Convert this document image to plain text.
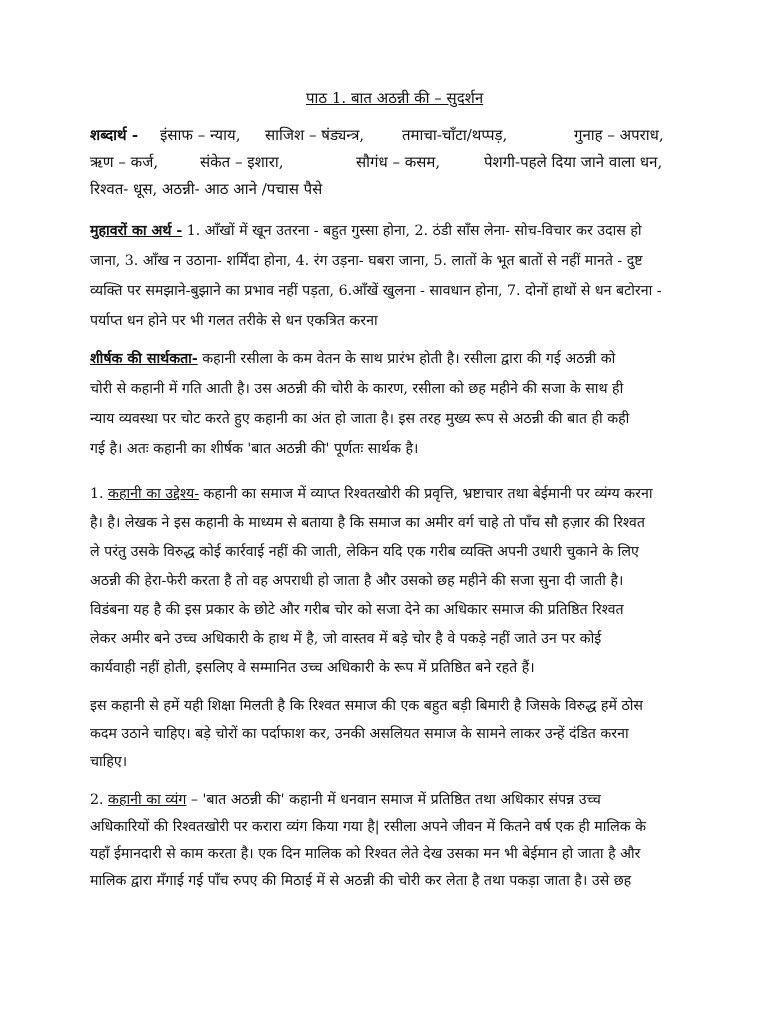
पाठ 1. बात अठन्नी की – सुदर्शन
शब्दार्थ - इंसाफ – न्याय, साजिश – षंड्यन्त्र,	तमाचा-चाँटा/थप्पड़,	गुनाह – अपराध,
ऋण – कर्ज,	संकेत – इशारा,	सौगंध – कसम,	पेशगी-पहले दिया जाने वाला धन,
रिश्वत- धूस, अठन्नी- आठ आने /पचास पैसे
मुहावरों का अर्थ - 1. आँखों में खून उतरना - बहुत गुस्सा होना, 2. ठंडी साँस लेना- सोच-विचार कर उदास हो
जाना, 3. आँख न उठाना- शर्मिंदा होना, 4. रंग उड़ना- घबरा जाना, 5. लातों के भूत बातों से नहीं मानते - दुष्ट
व्यक्ति पर समझाने-बुझाने का प्रभाव नहीं पड़ता, 6.आँखें खुलना - सावधान होना, 7. दोनों हाथों से धन बटोरना -
पर्याप्त धन होने पर भी गलत तरीके से धन एकत्रित करना
शीर्षक की सार्थकता- कहानी रसीला के कम वेतन के साथ प्रारंभ होती है। रसीला द्वारा की गई अठन्नी को
चोरी से कहानी में गति आती है। उस अठन्नी की चोरी के कारण, रसीला को छह महीने की सजा के साथ ही
न्याय व्यवस्था पर चोट करते हुए कहानी का अंत हो जाता है। इस तरह मुख्य रूप से अठन्नी की बात ही कही
गई है। अतः कहानी का शीर्षक 'बात अठन्नी की' पूर्णतः सार्थक है।
1. कहानी का उद्देश्य- कहानी का समाज में व्याप्त रिश्वतखोरी की प्रवृत्ति, भ्रष्टाचार तथा बेईमानी पर व्यंग्य करना
है। है। लेखक ने इस कहानी के माध्यम से बताया है कि समाज का अमीर वर्ग चाहे तो पाँच सौ हज़ार की रिश्वत
ले परंतु उसके विरुद्ध कोई कार्रवाई नहीं की जाती, लेकिन यदि एक गरीब व्यक्ति अपनी उधारी चुकाने के लिए
अठन्नी की हेरा-फेरी करता है तो वह अपराधी हो जाता है और उसको छह महीने की सजा सुना दी जाती है।
विडंबना यह है की इस प्रकार के छोटे और गरीब चोर को सजा देने का अधिकार समाज की प्रतिष्ठित रिश्वत
लेकर अमीर बने उच्च अधिकारी के हाथ में है, जो वास्तव में बड़े चोर है वे पकड़े नहीं जाते उन पर कोई
कार्यवाही नहीं होती, इसलिए वे सम्मानित उच्च अधिकारी के रूप में प्रतिष्ठित बने रहते हैं।
इस कहानी से हमें यही शिक्षा मिलती है कि रिश्वत समाज की एक बहुत बड़ी बिमारी है जिसके विरुद्ध हमें ठोस
कदम उठाने चाहिए। बड़े चोरों का पर्दाफाश कर, उनकी असलियत समाज के सामने लाकर उन्हें दंडित करना
चाहिए।
2. कहानी का व्यंग – 'बात अठन्नी की' कहानी में धनवान समाज में प्रतिष्ठित तथा अधिकार संपन्न उच्च
अधिकारियों की रिश्वतखोरी पर करारा व्यंग किया गया है| रसीला अपने जीवन में कितने वर्ष एक ही मालिक के
यहाँ ईमानदारी से काम करता है। एक दिन मालिक को रिश्वत लेते देख उसका मन भी बेईमान हो जाता है और
मालिक द्वारा मँगाई गई पाँच रुपए की मिठाई में से अठन्नी की चोरी कर लेता है तथा पकड़ा जाता है। उसे छह
